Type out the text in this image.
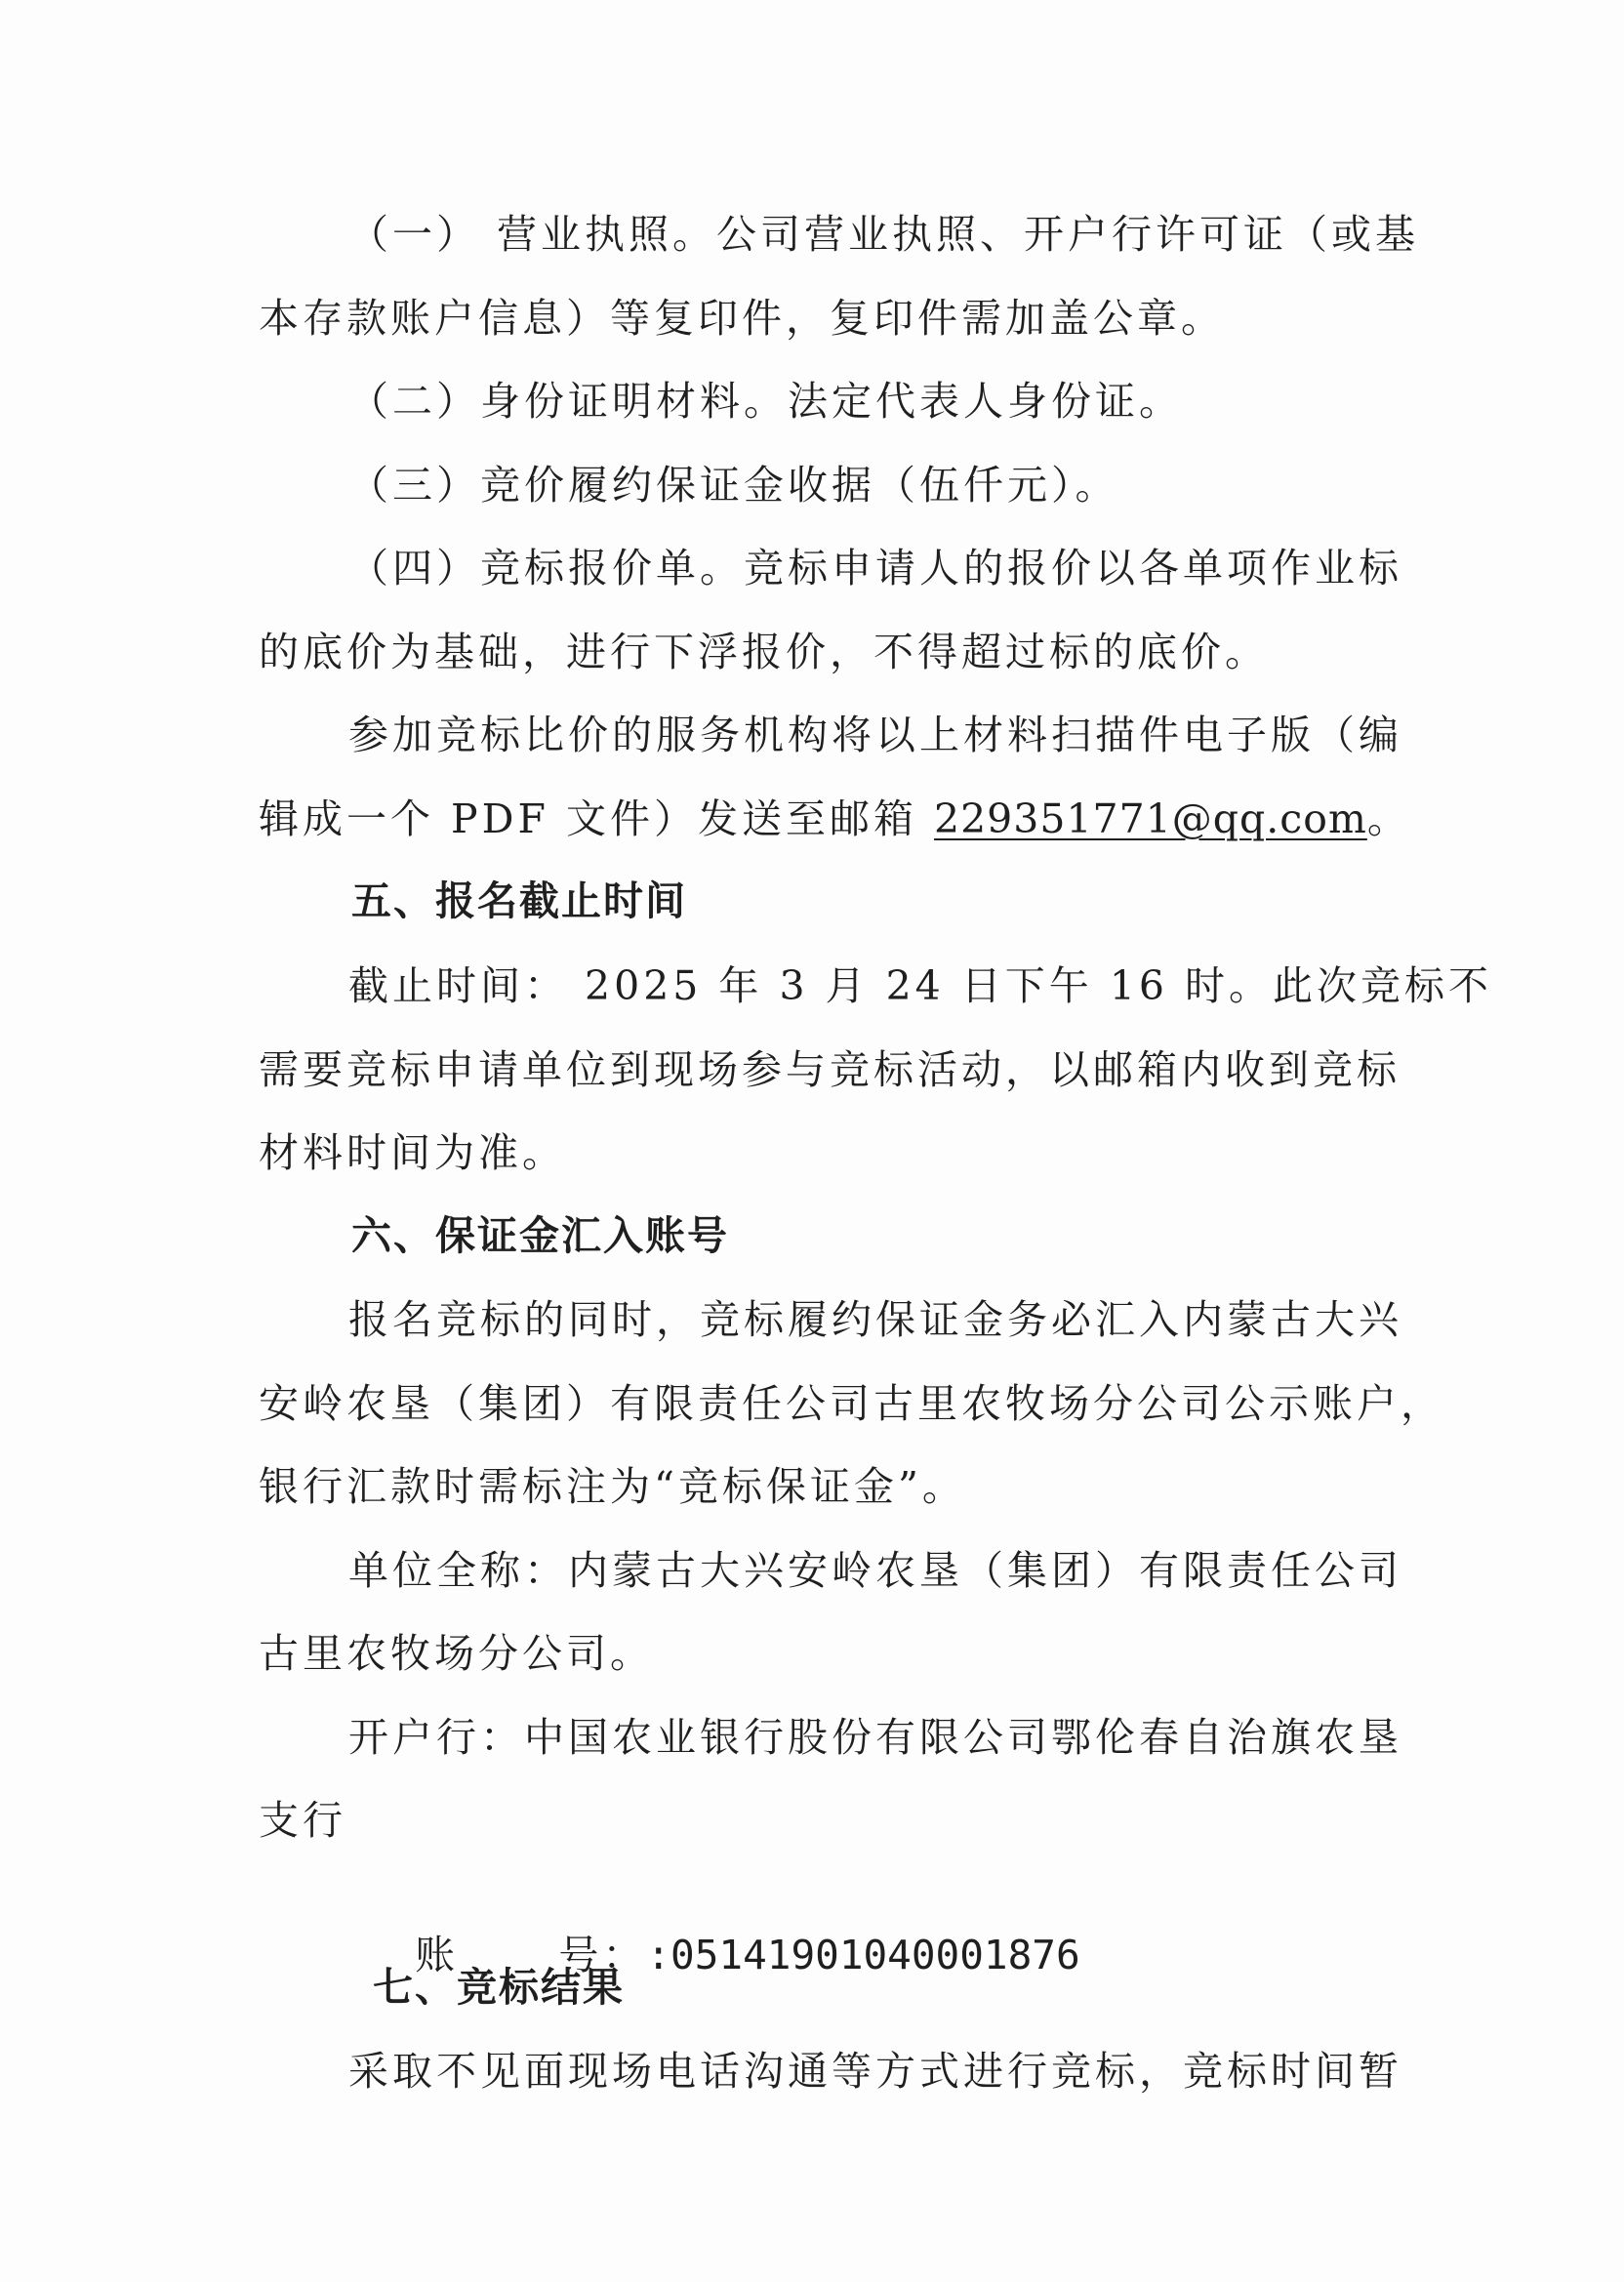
（一） 营业执照。公司营业执照、开户行许可证（或基
本存款账户信息）等复印件，复印件需加盖公章。
（二）身份证明材料。法定代表人身份证。
（三）竞价履约保证金收据（伍仟元）。
（四）竞标报价单。竞标申请人的报价以各单项作业标
的底价为基础，进行下浮报价，不得超过标的底价。
参加竞标比价的服务机构将以上材料扫描件电子版（编
辑成一个 PDF 文件）发送至邮箱 229351771@qq.com。
五、报名截止时间
截止时间： 2025 年 3 月 24 日下午 16 时。此次竞标不
需要竞标申请单位到现场参与竞标活动，以邮箱内收到竞标
材料时间为准。
六、保证金汇入账号
报名竞标的同时，竞标履约保证金务必汇入内蒙古大兴
安岭农垦（集团）有限责任公司古里农牧场分公司公示账户，
银行汇款时需标注为“竞标保证金”。
单位全称：内蒙古大兴安岭农垦（集团）有限责任公司
古里农牧场分公司。
开户行：中国农业银行股份有限公司鄂伦春自治旗农垦
支行

账      号：:05141901040001876

七、竞标结果
采取不见面现场电话沟通等方式进行竞标，竞标时间暂
